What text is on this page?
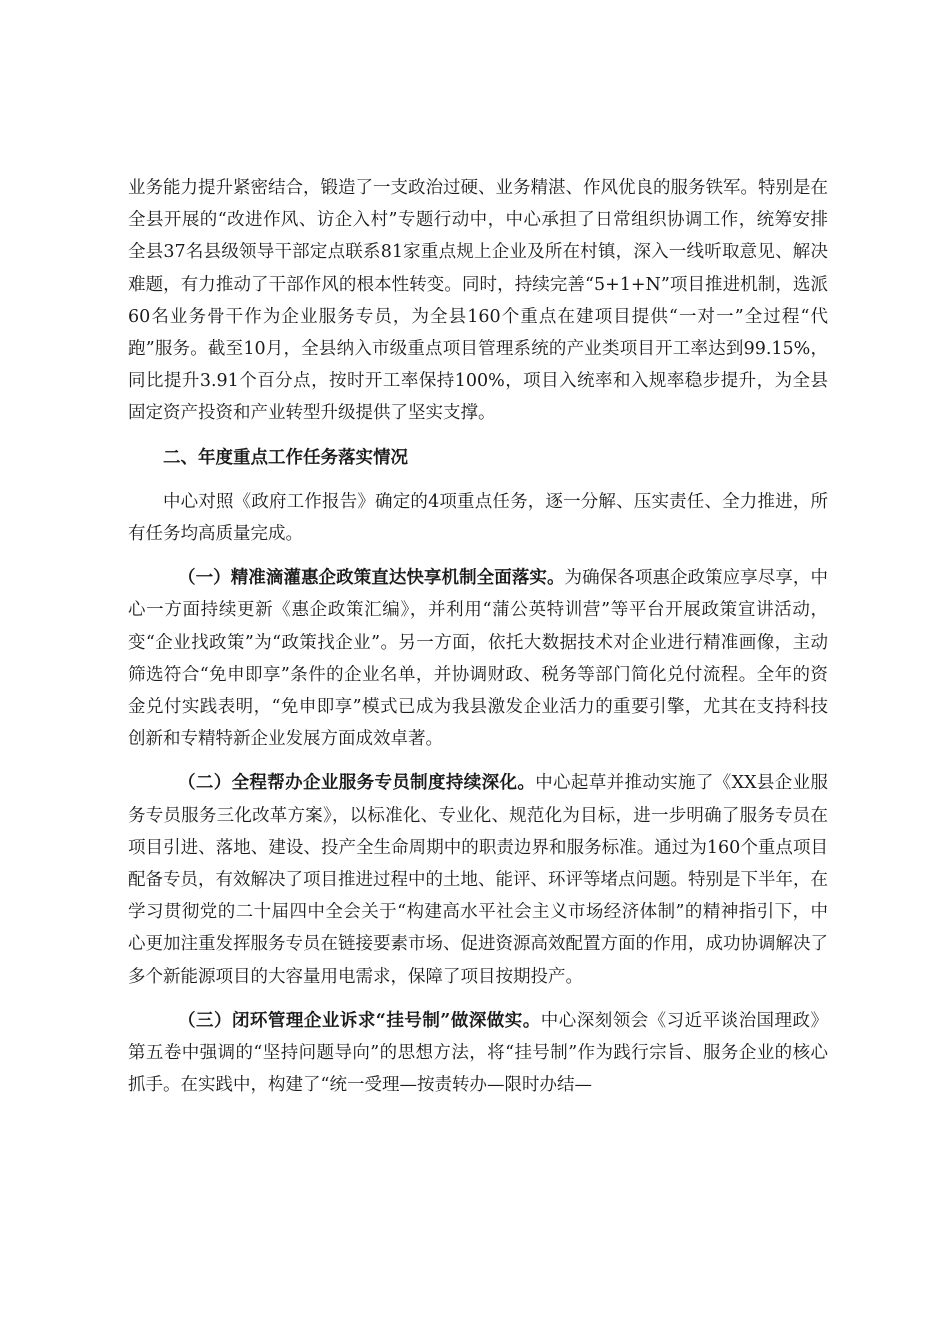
业务能力提升紧密结合，锻造了一支政治过硬、业务精湛、作风优良的服务铁军。特别是在全县开展的“改进作风、访企入村”专题行动中，中心承担了日常组织协调工作，统筹安排全县37名县级领导干部定点联系81家重点规上企业及所在村镇，深入一线听取意见、解决难题，有力推动了干部作风的根本性转变。同时，持续完善“5+1+N”项目推进机制，选派60名业务骨干作为企业服务专员，为全县160个重点在建项目提供“一对一”全过程“代跑”服务。截至10月，全县纳入市级重点项目管理系统的产业类项目开工率达到99.15%，同比提升3.91个百分点，按时开工率保持100%，项目入统率和入规率稳步提升，为全县固定资产投资和产业转型升级提供了坚实支撑。

二、年度重点工作任务落实情况

中心对照《政府工作报告》确定的4项重点任务，逐一分解、压实责任、全力推进，所有任务均高质量完成。

（一）精准滴灌惠企政策直达快享机制全面落实。为确保各项惠企政策应享尽享，中心一方面持续更新《惠企政策汇编》，并利用“蒲公英特训营”等平台开展政策宣讲活动，变“企业找政策”为“政策找企业”。另一方面，依托大数据技术对企业进行精准画像，主动筛选符合“免申即享”条件的企业名单，并协调财政、税务等部门简化兑付流程。全年的资金兑付实践表明，“免申即享”模式已成为我县激发企业活力的重要引擎，尤其在支持科技创新和专精特新企业发展方面成效卓著。

（二）全程帮办企业服务专员制度持续深化。中心起草并推动实施了《XX县企业服务专员服务三化改革方案》，以标准化、专业化、规范化为目标，进一步明确了服务专员在项目引进、落地、建设、投产全生命周期中的职责边界和服务标准。通过为160个重点项目配备专员，有效解决了项目推进过程中的土地、能评、环评等堵点问题。特别是下半年，在学习贯彻党的二十届四中全会关于“构建高水平社会主义市场经济体制”的精神指引下，中心更加注重发挥服务专员在链接要素市场、促进资源高效配置方面的作用，成功协调解决了多个新能源项目的大容量用电需求，保障了项目按期投产。

（三）闭环管理企业诉求“挂号制”做深做实。中心深刻领会《习近平谈治国理政》第五卷中强调的“坚持问题导向”的思想方法，将“挂号制”作为践行宗旨、服务企业的核心抓手。在实践中，构建了“统一受理—按责转办—限时办结—
